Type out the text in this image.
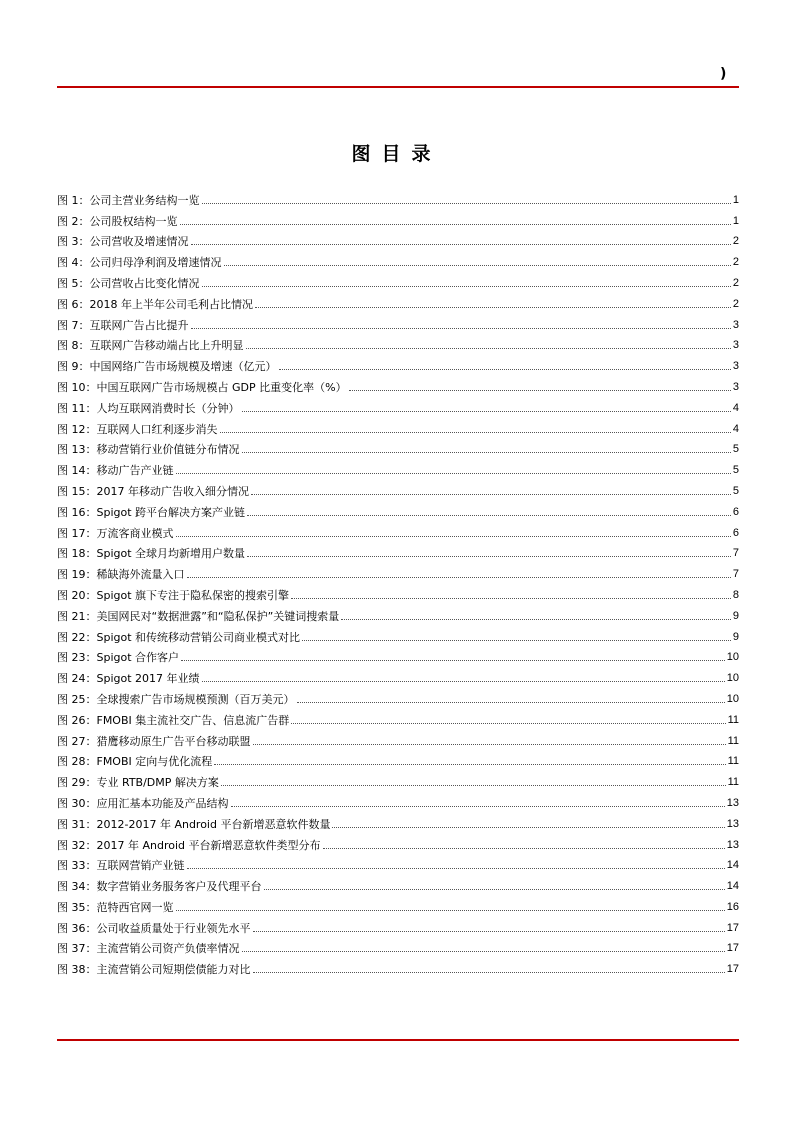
)
图目录
图 1：公司主营业务结构一览	1
图 2：公司股权结构一览	1
图 3：公司营收及增速情况	2
图 4：公司归母净利润及增速情况	2
图 5：公司营收占比变化情况	2
图 6：2018 年上半年公司毛利占比情况	2
图 7：互联网广告占比提升	3
图 8：互联网广告移动端占比上升明显	3
图 9：中国网络广告市场规模及增速（亿元）	3
图 10：中国互联网广告市场规模占 GDP 比重变化率（%）	3
图 11：人均互联网消费时长（分钟）	4
图 12：互联网人口红利逐步消失	4
图 13：移动营销行业价值链分布情况	5
图 14：移动广告产业链	5
图 15：2017 年移动广告收入细分情况	5
图 16：Spigot 跨平台解决方案产业链	6
图 17：万流客商业模式	6
图 18：Spigot 全球月均新增用户数量	7
图 19：稀缺海外流量入口	7
图 20：Spigot 旗下专注于隐私保密的搜索引擎	8
图 21：美国网民对“数据泄露”和“隐私保护”关键词搜索量	9
图 22：Spigot 和传统移动营销公司商业模式对比	9
图 23：Spigot 合作客户	10
图 24：Spigot 2017 年业绩	10
图 25：全球搜索广告市场规模预测（百万美元）	10
图 26：FMOBI 集主流社交广告、信息流广告群	11
图 27：猎鹰移动原生广告平台移动联盟	11
图 28：FMOBI 定向与优化流程	11
图 29：专业 RTB/DMP 解决方案	11
图 30：应用汇基本功能及产品结构	13
图 31：2012-2017 年 Android 平台新增恶意软件数量	13
图 32：2017 年 Android 平台新增恶意软件类型分布	13
图 33：互联网营销产业链	14
图 34：数字营销业务服务客户及代理平台	14
图 35：范特西官网一览	16
图 36：公司收益质量处于行业领先水平	17
图 37：主流营销公司资产负债率情况	17
图 38：主流营销公司短期偿债能力对比	17
